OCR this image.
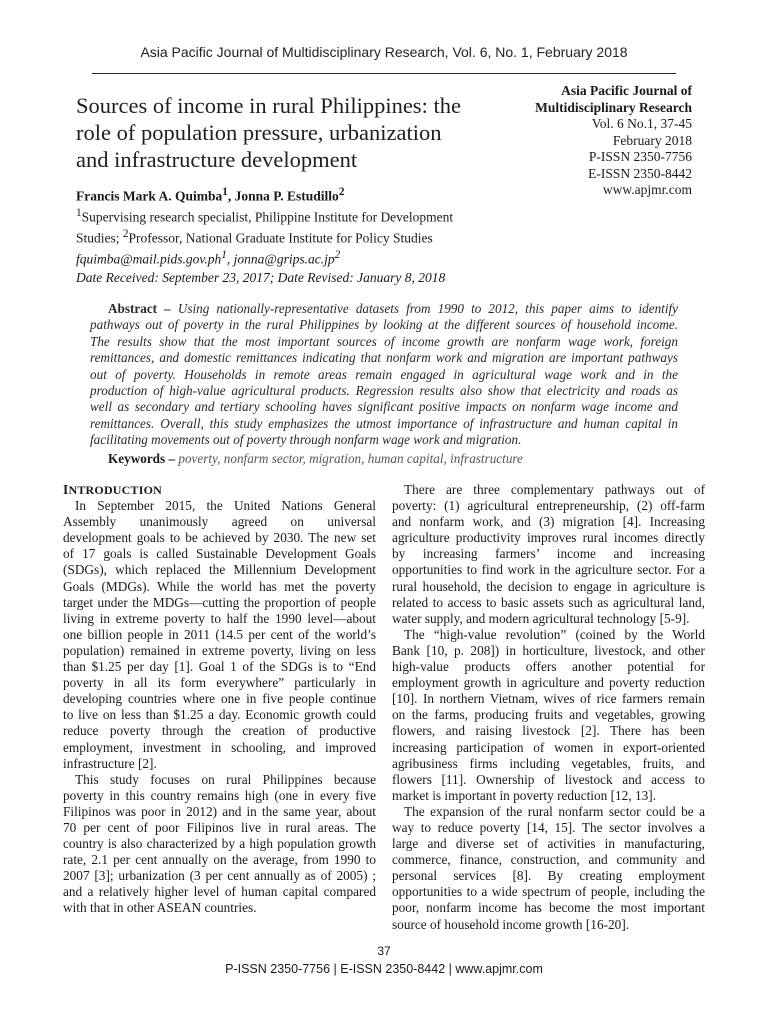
Asia Pacific Journal of Multidisciplinary Research, Vol. 6, No. 1, February 2018
Sources of income in rural Philippines: the role of population pressure, urbanization and infrastructure development
Asia Pacific Journal of
Multidisciplinary Research
Vol. 6 No.1, 37-45
February 2018
P-ISSN 2350-7756
E-ISSN 2350-8442
www.apjmr.com
Francis Mark A. Quimba$^1$, Jonna P. Estudillo$^2$
$^1$Supervising research specialist, Philippine Institute for Development
Studies; $^2$Professor, National Graduate Institute for Policy Studies
$fquimba@mail.pids.gov.ph^1$, $jonna@grips.ac.jp^2$
Date Received: September 23, 2017; Date Revised: January 8, 2018
Abstract – Using nationally-representative datasets from 1990 to 2012, this paper aims to identify
pathways out of poverty in the rural Philippines by looking at the different sources of household income.
The results show that the most important sources of income growth are nonfarm wage work, foreign
remittances, and domestic remittances indicating that nonfarm work and migration are important pathways
out of poverty. Households in remote areas remain engaged in agricultural wage work and in the
production of high-value agricultural products. Regression results also show that electricity and roads as
well as secondary and tertiary schooling haves significant positive impacts on nonfarm wage income and
remittances. Overall, this study emphasizes the utmost importance of infrastructure and human capital in
facilitating movements out of poverty through nonfarm wage work and migration.
Keywords – poverty, nonfarm sector, migration, human capital, infrastructure
INTRODUCTION
In September 2015, the United Nations General
Assembly unanimously agreed on universal
development goals to be achieved by 2030. The new set
of 17 goals is called Sustainable Development Goals
(SDGs), which replaced the Millennium Development
Goals (MDGs). While the world has met the poverty
target under the MDGs—cutting the proportion of people
living in extreme poverty to half the 1990 level—about
one billion people in 2011 (14.5 per cent of the world’s
population) remained in extreme poverty, living on less
than $1.25 per day [1]. Goal 1 of the SDGs is to “End
poverty in all its form everywhere” particularly in
developing countries where one in five people continue
to live on less than $1.25 a day. Economic growth could
reduce poverty through the creation of productive
employment, investment in schooling, and improved
infrastructure [2].
This study focuses on rural Philippines because
poverty in this country remains high (one in every five
Filipinos was poor in 2012) and in the same year, about
70 per cent of poor Filipinos live in rural areas. The
country is also characterized by a high population growth
rate, 2.1 per cent annually on the average, from 1990 to
2007 [3]; urbanization (3 per cent annually as of 2005) ;
and a relatively higher level of human capital compared
with that in other ASEAN countries.
There are three complementary pathways out of
poverty: (1) agricultural entrepreneurship, (2) off-farm
and nonfarm work, and (3) migration [4]. Increasing
agriculture productivity improves rural incomes directly
by increasing farmers’ income and increasing
opportunities to find work in the agriculture sector. For a
rural household, the decision to engage in agriculture is
related to access to basic assets such as agricultural land,
water supply, and modern agricultural technology [5-9].
The “high-value revolution” (coined by the World
Bank [10, p. 208]) in horticulture, livestock, and other
high-value products offers another potential for
employment growth in agriculture and poverty reduction
[10]. In northern Vietnam, wives of rice farmers remain
on the farms, producing fruits and vegetables, growing
flowers, and raising livestock [2]. There has been
increasing participation of women in export-oriented
agribusiness firms including vegetables, fruits, and
flowers [11]. Ownership of livestock and access to
market is important in poverty reduction [12, 13].
The expansion of the rural nonfarm sector could be a
way to reduce poverty [14, 15]. The sector involves a
large and diverse set of activities in manufacturing,
commerce, finance, construction, and community and
personal services [8]. By creating employment
opportunities to a wide spectrum of people, including the
poor, nonfarm income has become the most important
source of household income growth [16-20].
37
P-ISSN 2350-7756 | E-ISSN 2350-8442 | www.apjmr.com
